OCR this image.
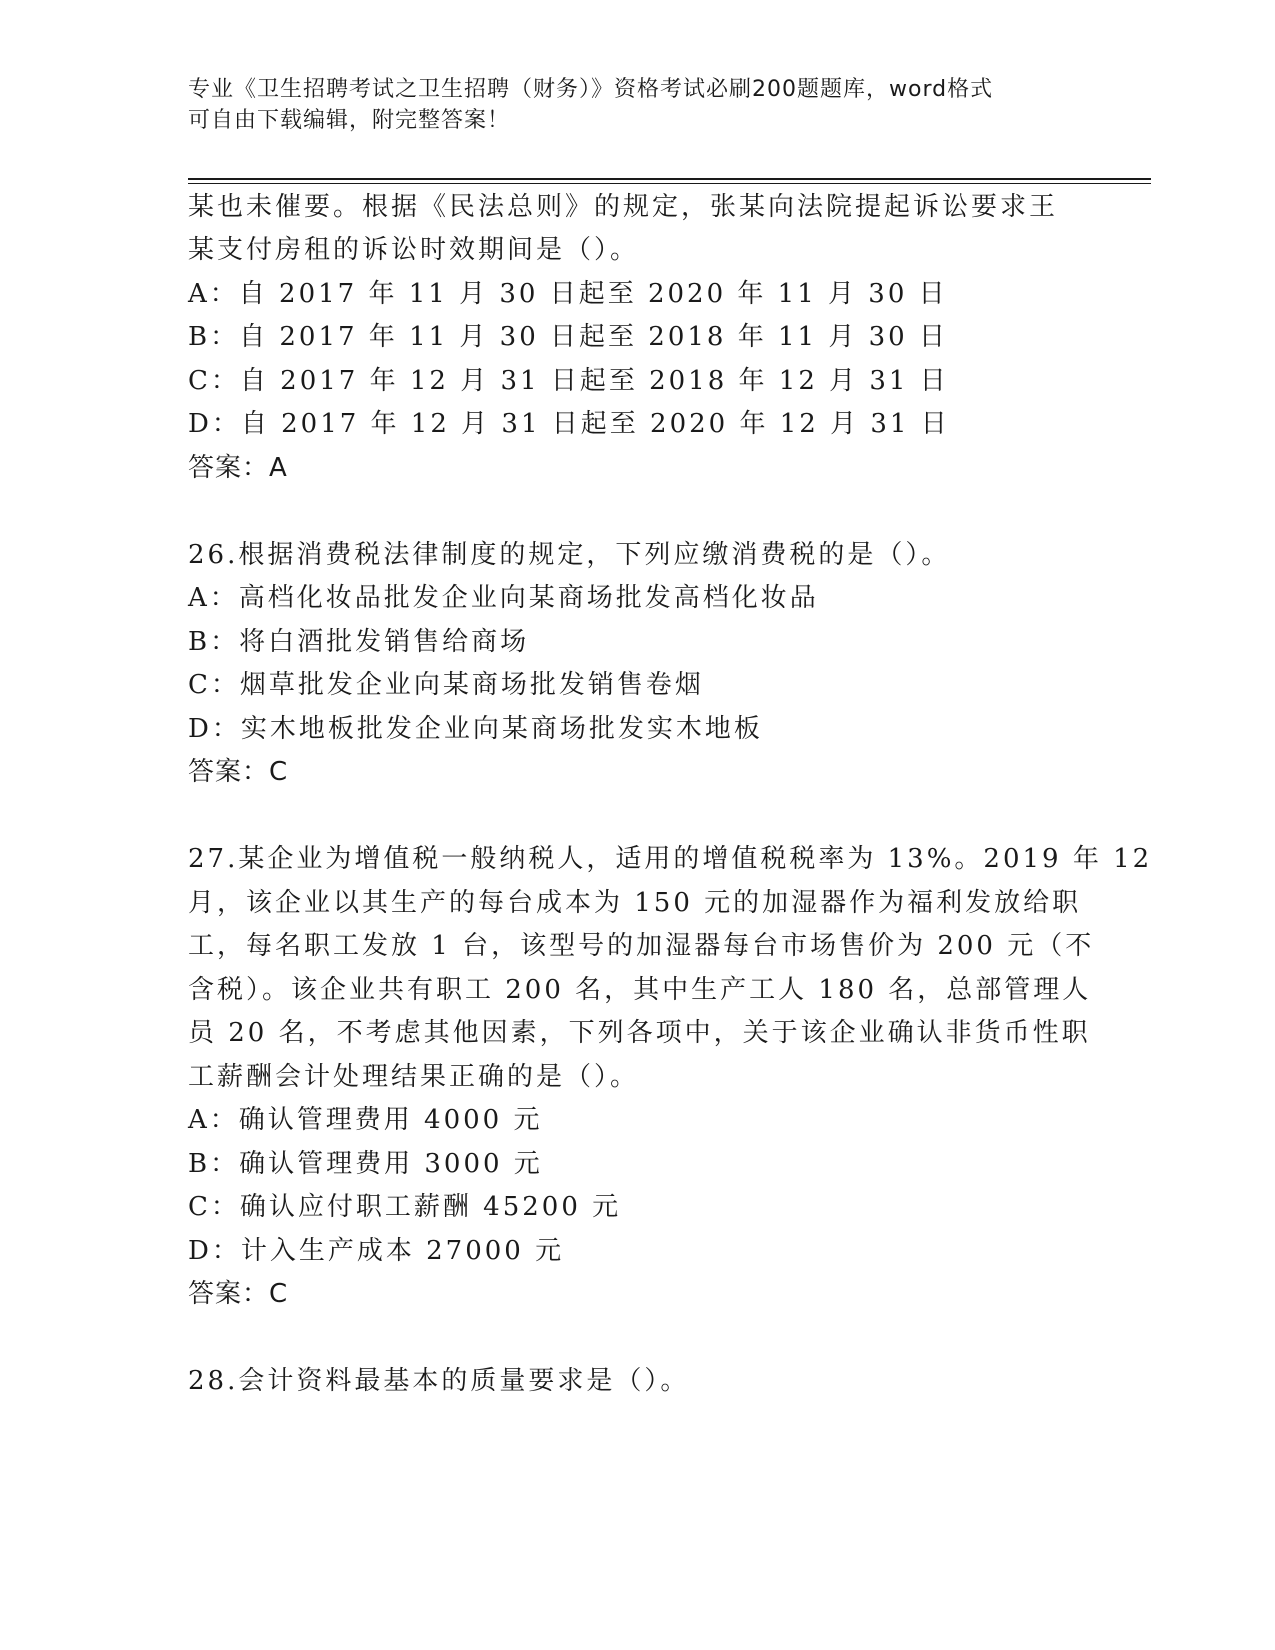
专业《卫生招聘考试之卫生招聘（财务）》资格考试必刷200题题库，word格式
可自由下载编辑，附完整答案！
某也未催要。根据《民法总则》的规定，张某向法院提起诉讼要求王
某支付房租的诉讼时效期间是（）。
A：自 2017 年 11 月 30 日起至 2020 年 11 月 30 日
B：自 2017 年 11 月 30 日起至 2018 年 11 月 30 日
C：自 2017 年 12 月 31 日起至 2018 年 12 月 31 日
D：自 2017 年 12 月 31 日起至 2020 年 12 月 31 日
答案：A
26.根据消费税法律制度的规定，下列应缴消费税的是（）。
A：高档化妆品批发企业向某商场批发高档化妆品
B：将白酒批发销售给商场
C：烟草批发企业向某商场批发销售卷烟
D：实木地板批发企业向某商场批发实木地板
答案：C
27.某企业为增值税一般纳税人，适用的增值税税率为 13%。2019 年 12
月，该企业以其生产的每台成本为 150 元的加湿器作为福利发放给职
工，每名职工发放 1 台，该型号的加湿器每台市场售价为 200 元（不
含税）。该企业共有职工 200 名，其中生产工人 180 名，总部管理人
员 20 名，不考虑其他因素，下列各项中，关于该企业确认非货币性职
工薪酬会计处理结果正确的是（）。
A：确认管理费用 4000 元
B：确认管理费用 3000 元
C：确认应付职工薪酬 45200 元
D：计入生产成本 27000 元
答案：C
28.会计资料最基本的质量要求是（）。
